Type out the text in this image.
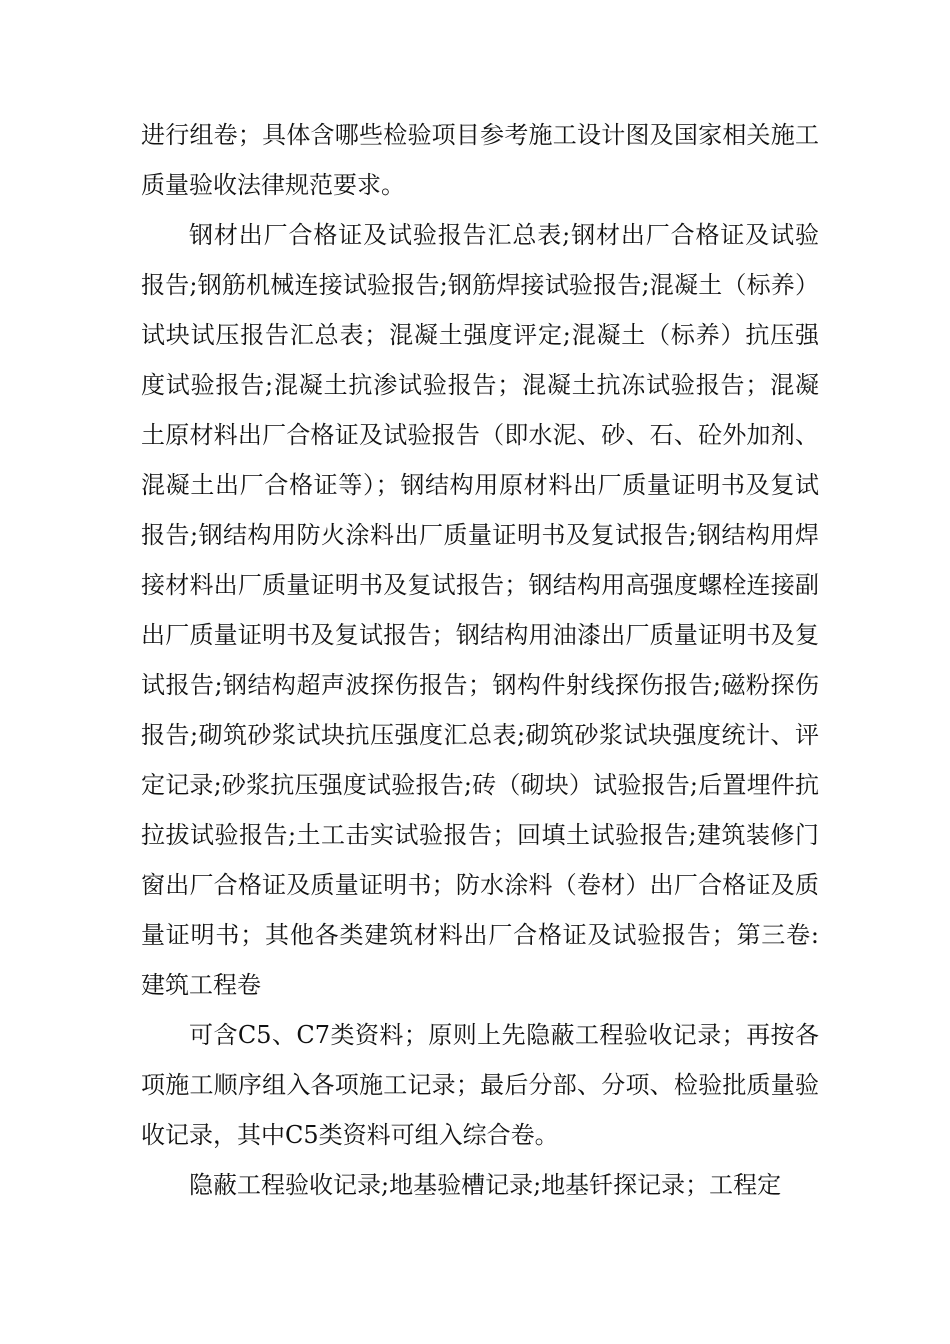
进行组卷；具体含哪些检验项目参考施工设计图及国家相关施工质量验收法律规范要求。

钢材出厂合格证及试验报告汇总表;钢材出厂合格证及试验报告;钢筋机械连接试验报告;钢筋焊接试验报告;混凝土（标养）试块试压报告汇总表；混凝土强度评定;混凝土（标养）抗压强度试验报告;混凝土抗渗试验报告；混凝土抗冻试验报告；混凝土原材料出厂合格证及试验报告（即水泥、砂、石、砼外加剂、混凝土出厂合格证等）；钢结构用原材料出厂质量证明书及复试报告;钢结构用防火涂料出厂质量证明书及复试报告;钢结构用焊接材料出厂质量证明书及复试报告；钢结构用高强度螺栓连接副出厂质量证明书及复试报告；钢结构用油漆出厂质量证明书及复试报告;钢结构超声波探伤报告；钢构件射线探伤报告;磁粉探伤报告;砌筑砂浆试块抗压强度汇总表;砌筑砂浆试块强度统计、评定记录;砂浆抗压强度试验报告;砖（砌块）试验报告;后置埋件抗拉拔试验报告;土工击实试验报告；回填土试验报告;建筑装修门窗出厂合格证及质量证明书；防水涂料（卷材）出厂合格证及质量证明书；其他各类建筑材料出厂合格证及试验报告；第三卷:建筑工程卷

可含C5、C7类资料；原则上先隐蔽工程验收记录；再按各项施工顺序组入各项施工记录；最后分部、分项、检验批质量验收记录，其中C5类资料可组入综合卷。

隐蔽工程验收记录;地基验槽记录;地基钎探记录；工程定
